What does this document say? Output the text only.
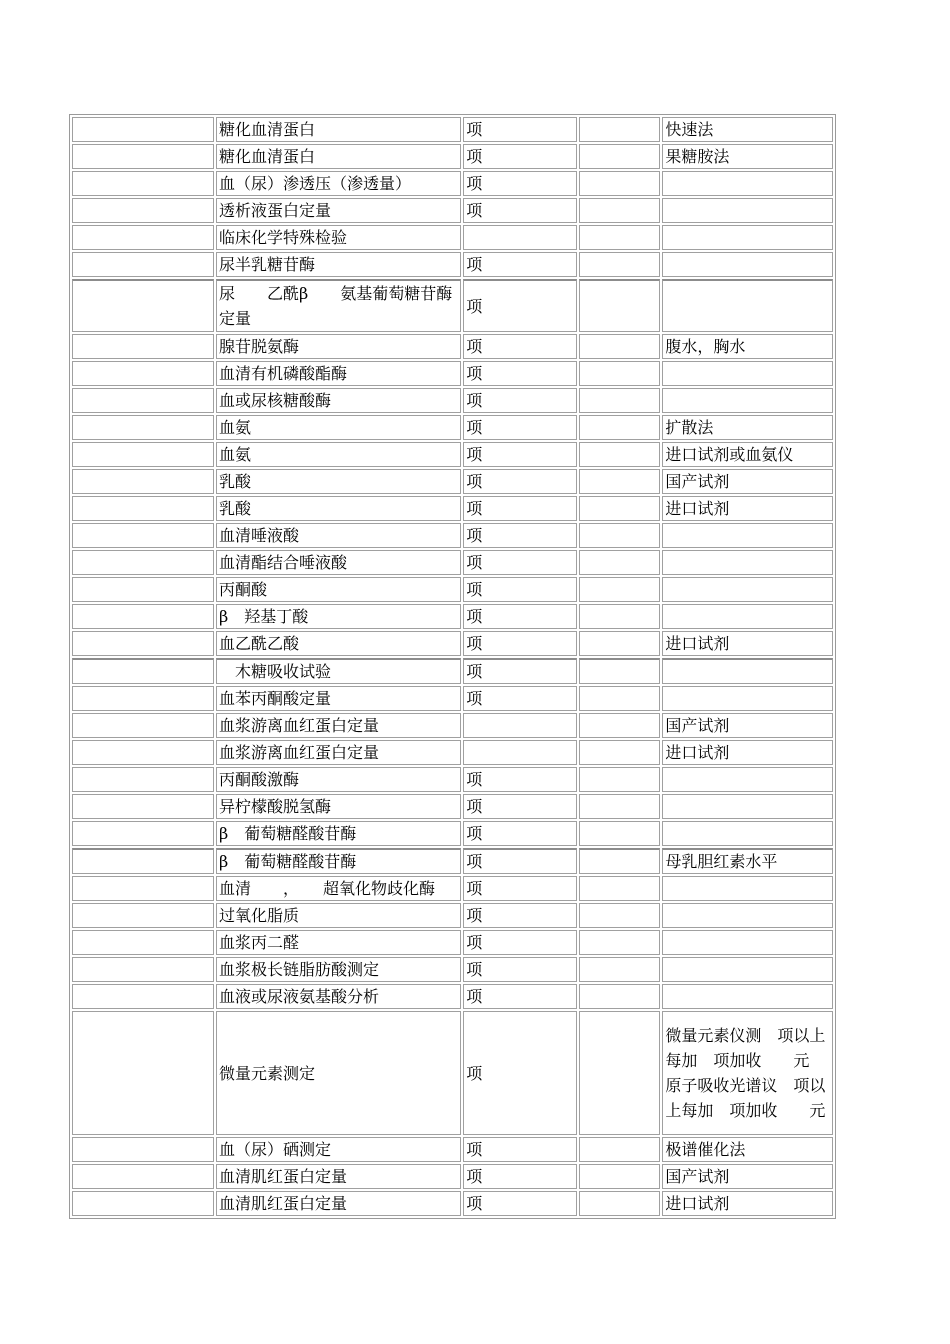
	糖化血清蛋白	项		快速法
	糖化血清蛋白	项		果糖胺法
	血（尿）渗透压（渗透量）	项		
	透析液蛋白定量	项		
	临床化学特殊检验			
	尿半乳糖苷酶	项		
	尿　　乙酰β　　氨基葡萄糖苷酶定量	项		
	腺苷脱氨酶	项		腹水，胸水
	血清有机磷酸酯酶	项		
	血或尿核糖酸酶	项		
	血氨	项		扩散法
	血氨	项		进口试剂或血氨仪
	乳酸	项		国产试剂
	乳酸	项		进口试剂
	血清唾液酸	项		
	血清酯结合唾液酸	项		
	丙酮酸	项		
	β　羟基丁酸	项		
	血乙酰乙酸	项		进口试剂
	　木糖吸收试验	项		
	血苯丙酮酸定量	项		
	血浆游离血红蛋白定量			国产试剂
	血浆游离血红蛋白定量			进口试剂
	丙酮酸激酶	项		
	异柠檬酸脱氢酶	项		
	β　葡萄糖醛酸苷酶	项		
	β　葡萄糖醛酸苷酶	项		母乳胆红素水平
	血清　　，　　超氧化物歧化酶	项		
	过氧化脂质	项		
	血浆丙二醛	项		
	血浆极长链脂肪酸测定	项		
	血液或尿液氨基酸分析	项		
	微量元素测定	项		微量元素仪测　项以上每加　项加收　　元　原子吸收光谱议　项以上每加　项加收　　元
	血（尿）硒测定	项		极谱催化法
	血清肌红蛋白定量	项		国产试剂
	血清肌红蛋白定量	项		进口试剂
